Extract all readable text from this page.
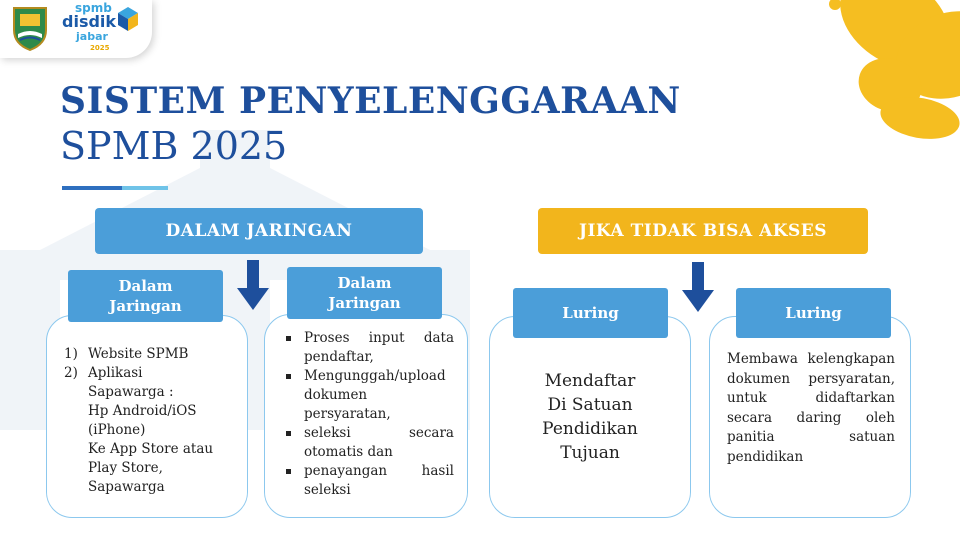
spmb
disdik
jabar
2025
SISTEM PENYELENGGARAAN
SPMB 2025
DALAM JARINGAN
Dalam
Jaringan
1) Website SPMB
2) Aplikasi
Sapawarga :
Hp Android/iOS
(iPhone)
Ke App Store atau
Play Store,
Sapawarga
Dalam
Jaringan
Proses input data pendaftar,
Mengunggah/upload dokumen persyaratan,
seleksi secara otomatis dan
penayangan hasil seleksi
JIKA TIDAK BISA AKSES
Luring
Mendaftar
Di Satuan
Pendidikan
Tujuan
Luring
Membawa kelengkapan dokumen persyaratan, untuk didaftarkan secara daring oleh panitia satuan pendidikan
